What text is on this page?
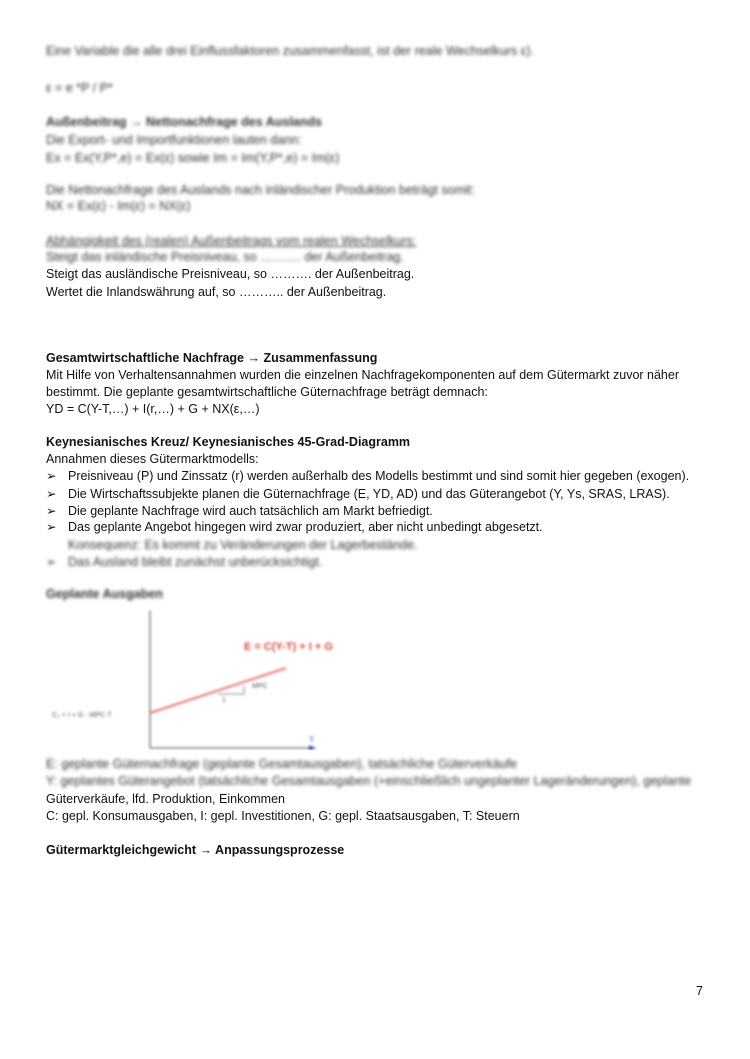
Eine Variable die alle drei Einflussfaktoren zusammenfasst, ist der reale Wechselkurs ε).
ε = e *P / P*
Außenbeitrag → Nettonachfrage des Auslands
Die Export- und Importfunktionen lauten dann:
Ex = Ex(Y,P*,e) = Ex(ε) sowie Im = Im(Y,P*,e) = Im(ε)
Die Nettonachfrage des Auslands nach inländischer Produktion beträgt somit:
NX = Ex(ε) - Im(ε) = NX(ε)
Abhängigkeit des (realen) Außenbeitrags vom realen Wechselkurs:
Steigt das inländische Preisniveau, so ………. der Außenbeitrag.
Steigt das ausländische Preisniveau, so ………. der Außenbeitrag.
Wertet die Inlandswährung auf, so ……….. der Außenbeitrag.
Gesamtwirtschaftliche Nachfrage → Zusammenfassung
Mit Hilfe von Verhaltensannahmen wurden die einzelnen Nachfragekomponenten auf dem Gütermarkt zuvor näher
bestimmt. Die geplante gesamtwirtschaftliche Güternachfrage beträgt demnach:
YD = C(Y-T,…) + I(r,…) + G + NX(ε,…)
Keynesianisches Kreuz/ Keynesianisches 45-Grad-Diagramm
Annahmen dieses Gütermarktmodells:
➢ Preisniveau (P) und Zinssatz (r) werden außerhalb des Modells bestimmt und sind somit hier gegeben (exogen).
➢ Die Wirtschaftssubjekte planen die Güternachfrage (E, YD, AD) und das Güterangebot (Y, Ys, SRAS, LRAS).
➢ Die geplante Nachfrage wird auch tatsächlich am Markt befriedigt.
➢ Das geplante Angebot hingegen wird zwar produziert, aber nicht unbedingt abgesetzt.
Konsequenz: Es kommt zu Veränderungen der Lagerbestände.
➢ Das Ausland bleibt zunächst unberücksichtigt.
Geplante Ausgaben
E = C(Y-T) + I + G
MPC
1
C₀ + I + G - MPC·T
Y
E: geplante Güternachfrage (geplante Gesamtausgaben), tatsächliche Güterverkäufe
Y: geplantes Güterangebot (tatsächliche Gesamtausgaben (+einschließlich ungeplanter Lageränderungen), geplante
Güterverkäufe, lfd. Produktion, Einkommen
C: gepl. Konsumausgaben, I: gepl. Investitionen, G: gepl. Staatsausgaben, T: Steuern
Gütermarktgleichgewicht → Anpassungsprozesse
7
